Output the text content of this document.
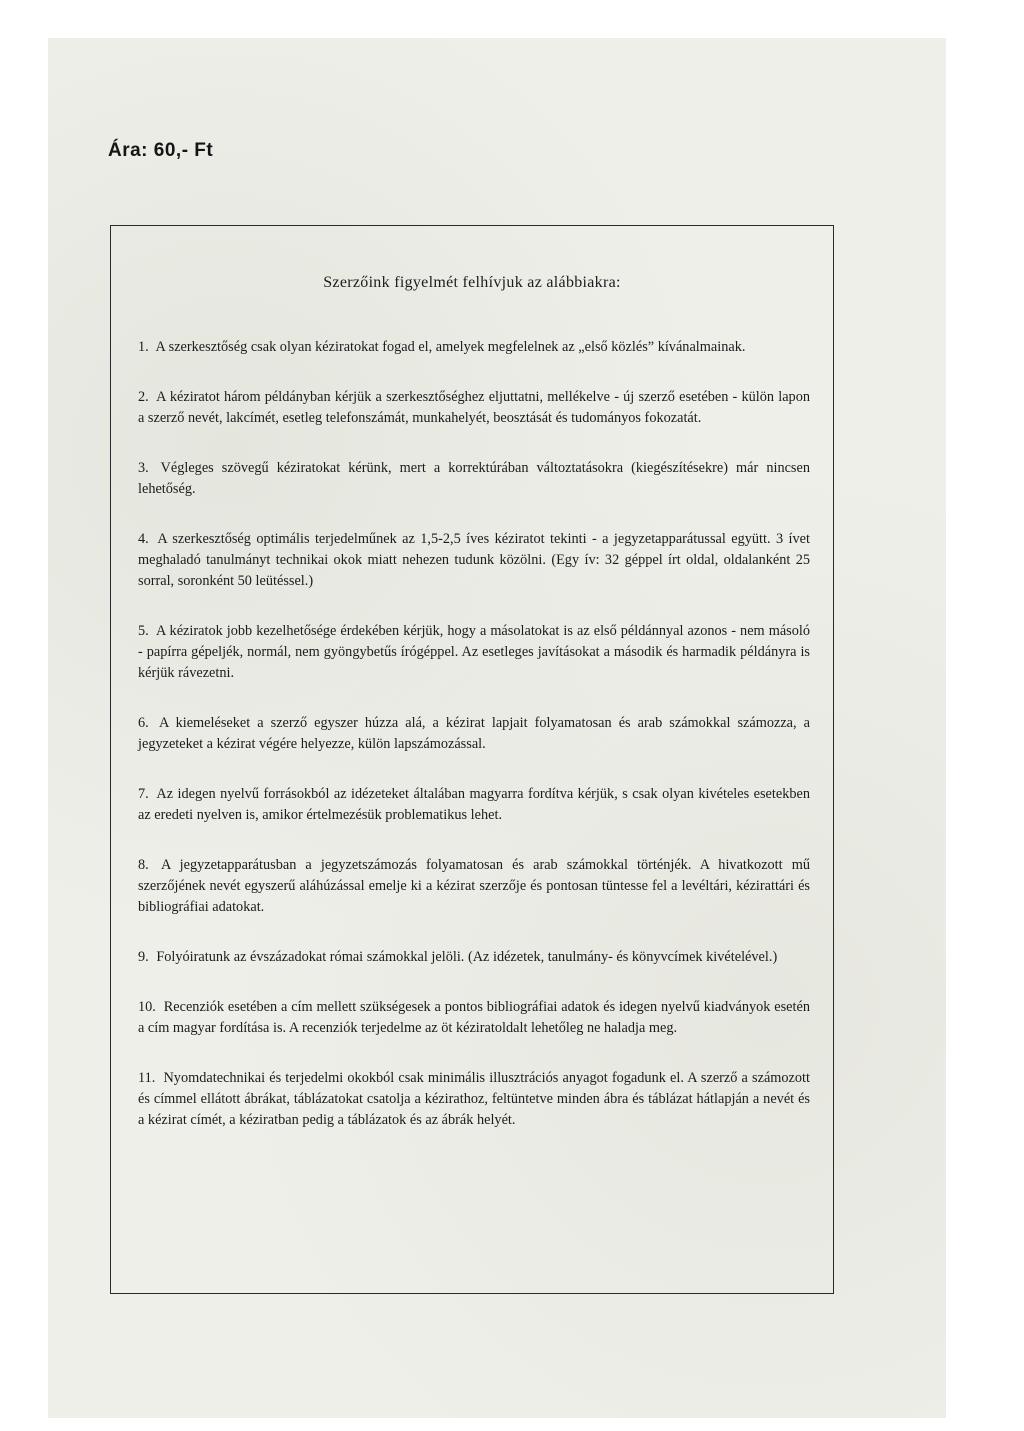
Ára: 60,- Ft
Szerzőink figyelmét felhívjuk az alábbiakra:

1. A szerkesztőség csak olyan kéziratokat fogad el, amelyek megfelelnek az „első közlés” kívánalmainak.

2. A kéziratot három példányban kérjük a szerkesztőséghez eljuttatni, mellékelve - új szerző esetében - külön lapon a szerző nevét, lakcímét, esetleg telefonszámát, munkahelyét, beosztását és tudományos fokozatát.

3. Végleges szövegű kéziratokat kérünk, mert a korrektúrában változtatásokra (kiegészítésekre) már nincsen lehetőség.

4. A szerkesztőség optimális terjedelműnek az 1,5-2,5 íves kéziratot tekinti - a jegyzetapparátussal együtt. 3 ívet meghaladó tanulmányt technikai okok miatt nehezen tudunk közölni. (Egy ív: 32 géppel írt oldal, oldalanként 25 sorral, soronként 50 leütéssel.)

5. A kéziratok jobb kezelhetősége érdekében kérjük, hogy a másolatokat is az első példánnyal azonos - nem másoló - papírra gépeljék, normál, nem gyöngybetűs írógéppel. Az esetleges javításokat a második és harmadik példányra is kérjük rávezetni.

6. A kiemeléseket a szerző egyszer húzza alá, a kézirat lapjait folyamatosan és arab számokkal számozza, a jegyzeteket a kézirat végére helyezze, külön lapszámozással.

7. Az idegen nyelvű forrásokból az idézeteket általában magyarra fordítva kérjük, s csak olyan kivételes esetekben az eredeti nyelven is, amikor értelmezésük problematikus lehet.

8. A jegyzetapparátusban a jegyzetszámozás folyamatosan és arab számokkal történjék. A hivatkozott mű szerzőjének nevét egyszerű aláhúzással emelje ki a kézirat szerzője és pontosan tüntesse fel a levéltári, kézirattári és bibliográfiai adatokat.

9. Folyóiratunk az évszázadokat római számokkal jelöli. (Az idézetek, tanulmány- és könyvcímek kivételével.)

10. Recenziók esetében a cím mellett szükségesek a pontos bibliográfiai adatok és idegen nyelvű kiadványok esetén a cím magyar fordítása is. A recenziók terjedelme az öt kéziratoldalt lehetőleg ne haladja meg.

11. Nyomdatechnikai és terjedelmi okokból csak minimális illusztrációs anyagot fogadunk el. A szerző a számozott és címmel ellátott ábrákat, táblázatokat csatolja a kézirathoz, feltüntetve minden ábra és táblázat hátlapján a nevét és a kézirat címét, a kéziratban pedig a táblázatok és az ábrák helyét.
